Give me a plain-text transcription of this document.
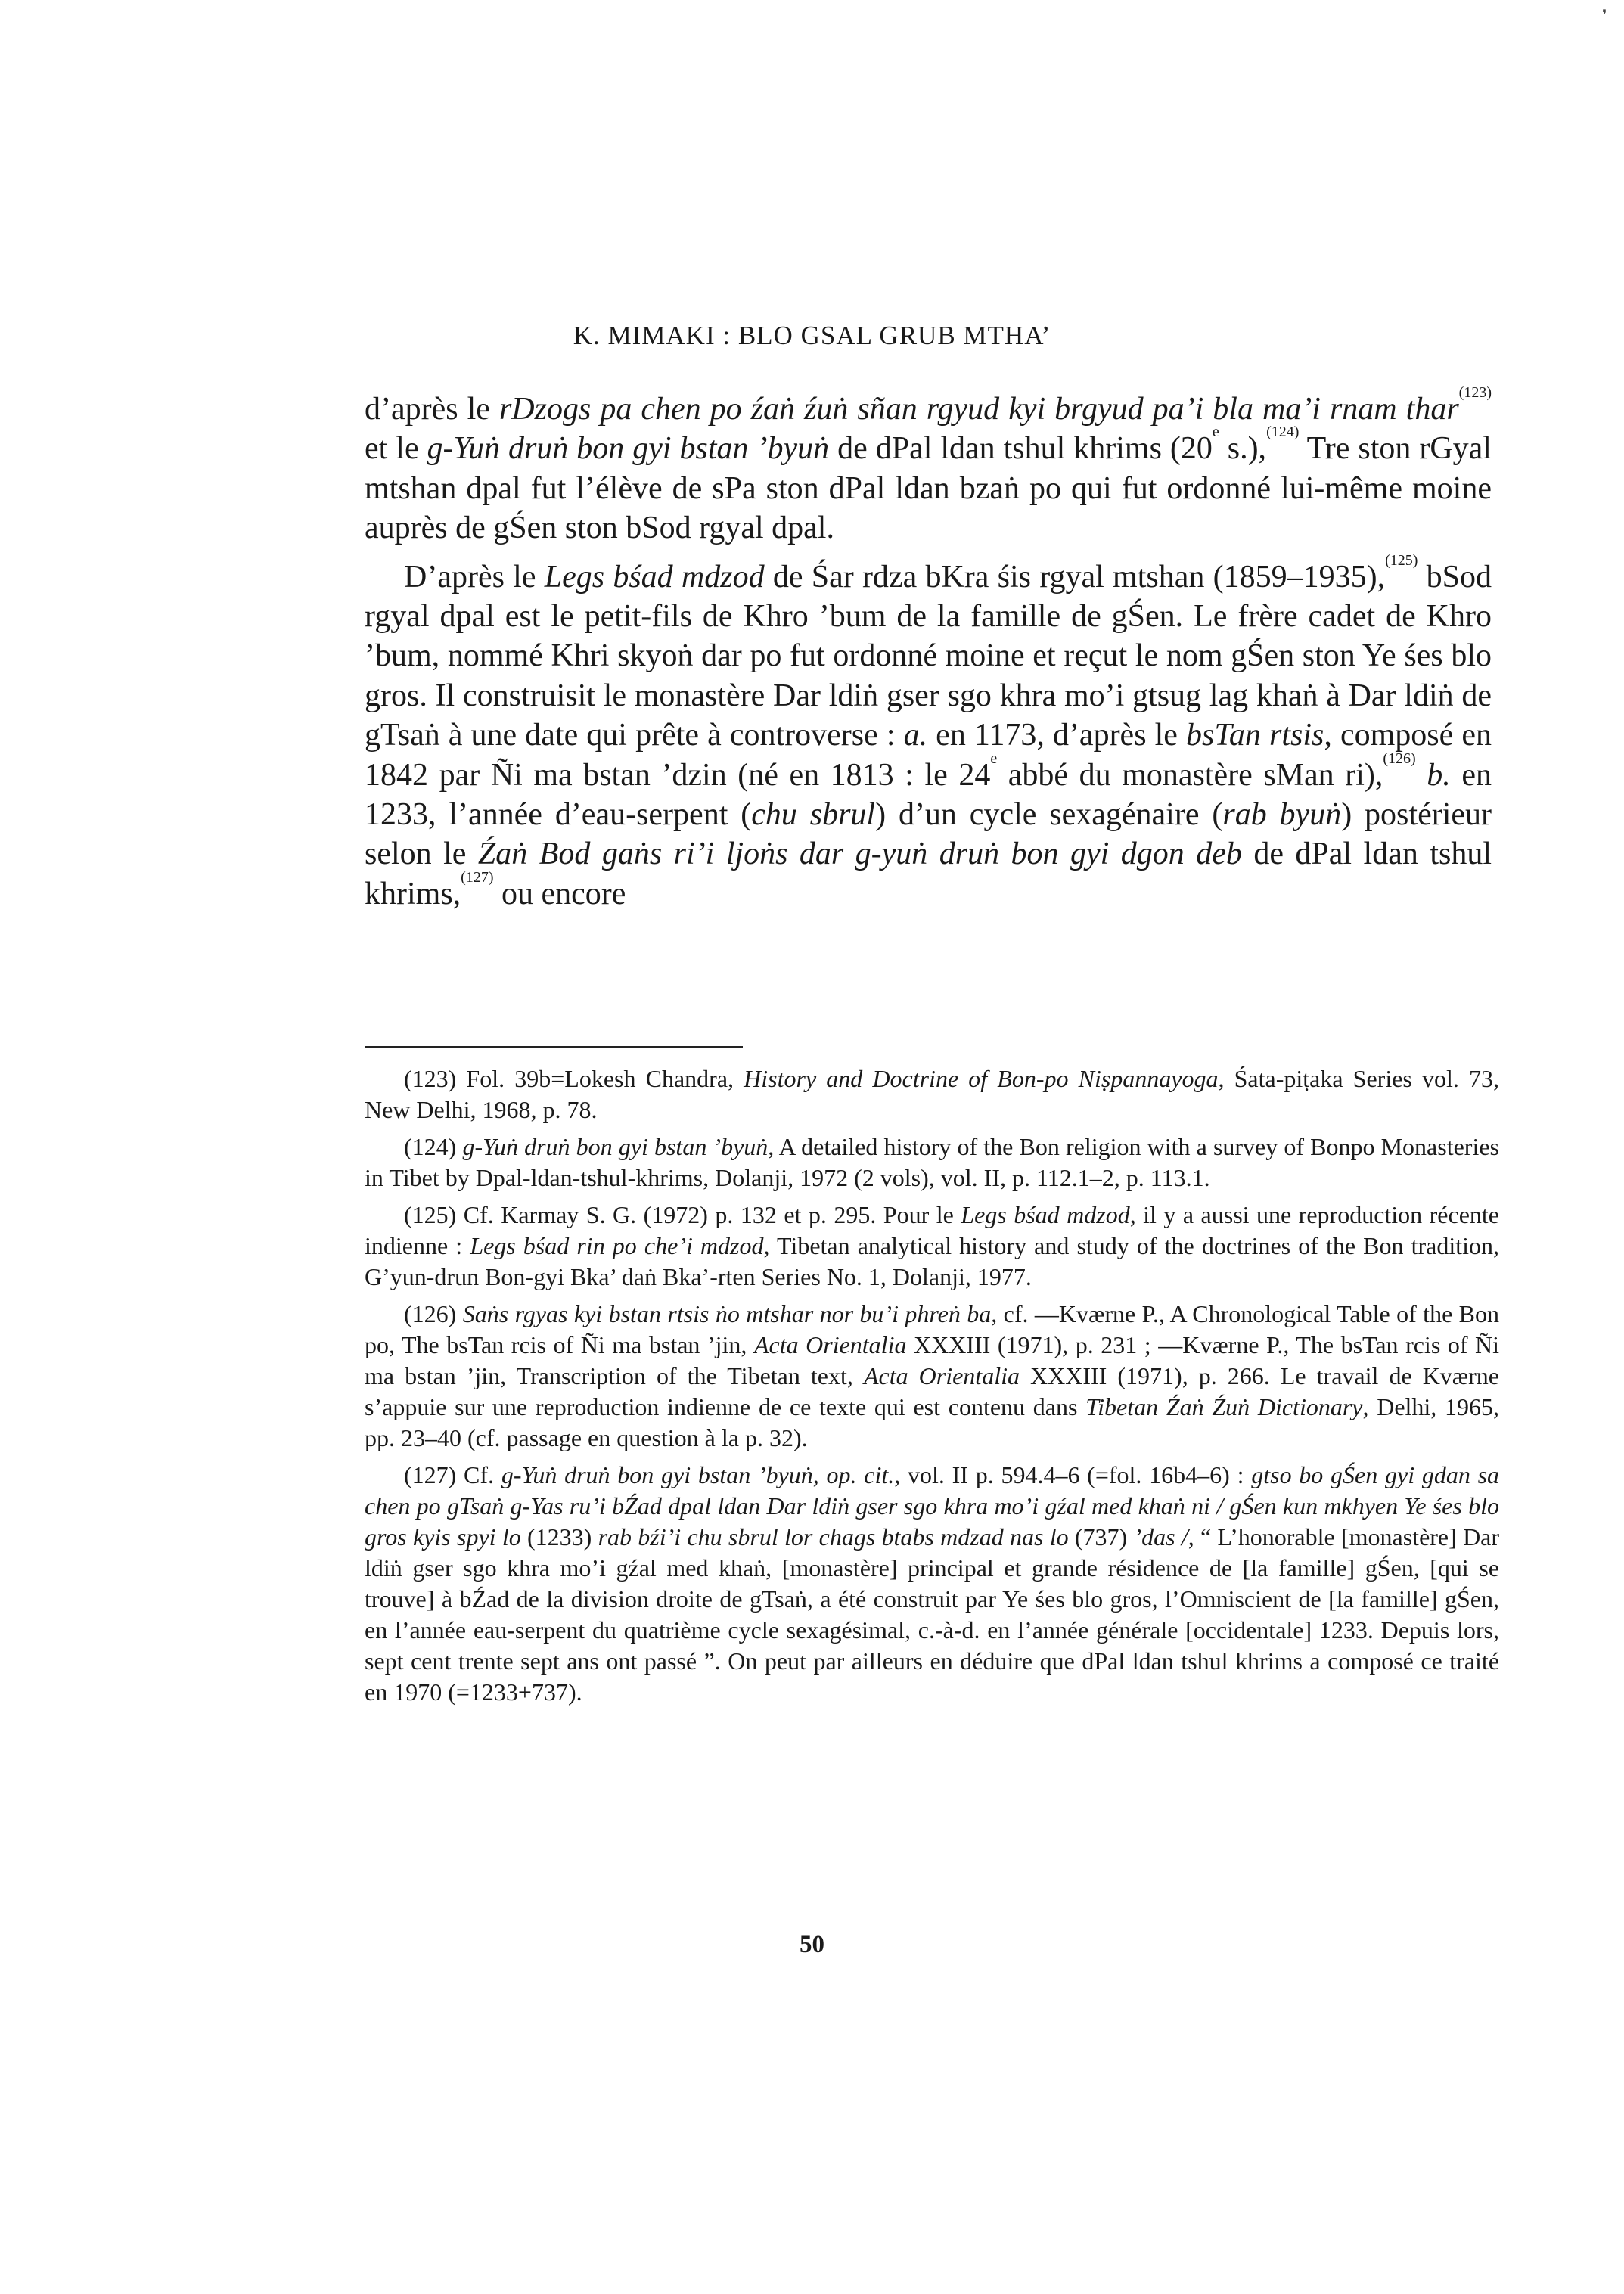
❜
K. MIMAKI : BLO GSAL GRUB MTHA’

d’après le rDzogs pa chen po źaṅ źuṅ sñan rgyud kyi brgyud pa’i bla ma’i rnam thar$^{(123)}$ et le g-Yuṅ druṅ bon gyi bstan ’byuṅ de dPal ldan tshul khrims (20e s.),$^{(124)}$ Tre ston rGyal mtshan dpal fut l’élève de sPa ston dPal ldan bzaṅ po qui fut ordonné lui-même moine auprès de gŚen ston bSod rgyal dpal.

D’après le Legs bśad mdzod de Śar rdza bKra śis rgyal mtshan (1859–1935),$^{(125)}$ bSod rgyal dpal est le petit-fils de Khro ’bum de la famille de gŚen. Le frère cadet de Khro ’bum, nommé Khri skyoṅ dar po fut ordonné moine et reçut le nom gŚen ston Ye śes blo gros. Il construisit le monastère Dar ldiṅ gser sgo khra mo’i gtsug lag khaṅ à Dar ldiṅ de gTsaṅ à une date qui prête à controverse : a. en 1173, d’après le bsTan rtsis, composé en 1842 par Ñi ma bstan ’dzin (né en 1813 : le 24e abbé du monastère sMan ri),$^{(126)}$ b. en 1233, l’année d’eau-serpent (chu sbrul) d’un cycle sexagénaire (rab byuṅ) postérieur selon le Źaṅ Bod gaṅs ri’i ljoṅs dar g-yuṅ druṅ bon gyi dgon deb de dPal ldan tshul khrims,$^{(127)}$ ou encore

(123) Fol. 39b=Lokesh Chandra, History and Doctrine of Bon-po Niṣpannayoga, Śata-piṭaka Series vol. 73, New Delhi, 1968, p. 78.

(124) g-Yuṅ druṅ bon gyi bstan ’byuṅ, A detailed history of the Bon religion with a survey of Bonpo Monasteries in Tibet by Dpal-ldan-tshul-khrims, Dolanji, 1972 (2 vols), vol. II, p. 112.1–2, p. 113.1.

(125) Cf. Karmay S. G. (1972) p. 132 et p. 295. Pour le Legs bśad mdzod, il y a aussi une reproduction récente indienne : Legs bśad rin po che’i mdzod, Tibetan analytical history and study of the doctrines of the Bon tradition, G’yun-drun Bon-gyi Bka’ daṅ Bka’-rten Series No. 1, Dolanji, 1977.

(126) Saṅs rgyas kyi bstan rtsis ṅo mtshar nor bu’i phreṅ ba, cf. —Kværne P., A Chronological Table of the Bon po, The bsTan rcis of Ñi ma bstan ’jin, Acta Orientalia XXXIII (1971), p. 231 ; —Kværne P., The bsTan rcis of Ñi ma bstan ’jin, Transcription of the Tibetan text, Acta Orientalia XXXIII (1971), p. 266. Le travail de Kværne s’appuie sur une reproduction indienne de ce texte qui est contenu dans Tibetan Źaṅ Źuṅ Dictionary, Delhi, 1965, pp. 23–40 (cf. passage en question à la p. 32).

(127) Cf. g-Yuṅ druṅ bon gyi bstan ’byuṅ, op. cit., vol. II p. 594.4–6 (=fol. 16b4–6) : gtso bo gŚen gyi gdan sa chen po gTsaṅ g-Yas ru’i bŹad dpal ldan Dar ldiṅ gser sgo khra mo’i gźal med khaṅ ni / gŚen kun mkhyen Ye śes blo gros kyis spyi lo (1233) rab bźi’i chu sbrul lor chags btabs mdzad nas lo (737) ’das /, “ L’honorable [monastère] Dar ldiṅ gser sgo khra mo’i gźal med khaṅ, [monastère] principal et grande résidence de [la famille] gŚen, [qui se trouve] à bŹad de la division droite de gTsaṅ, a été construit par Ye śes blo gros, l’Omniscient de [la famille] gŚen, en l’année eau-serpent du quatrième cycle sexagésimal, c.-à-d. en l’année générale [occidentale] 1233. Depuis lors, sept cent trente sept ans ont passé ”. On peut par ailleurs en déduire que dPal ldan tshul khrims a composé ce traité en 1970 (=1233+737).

50
